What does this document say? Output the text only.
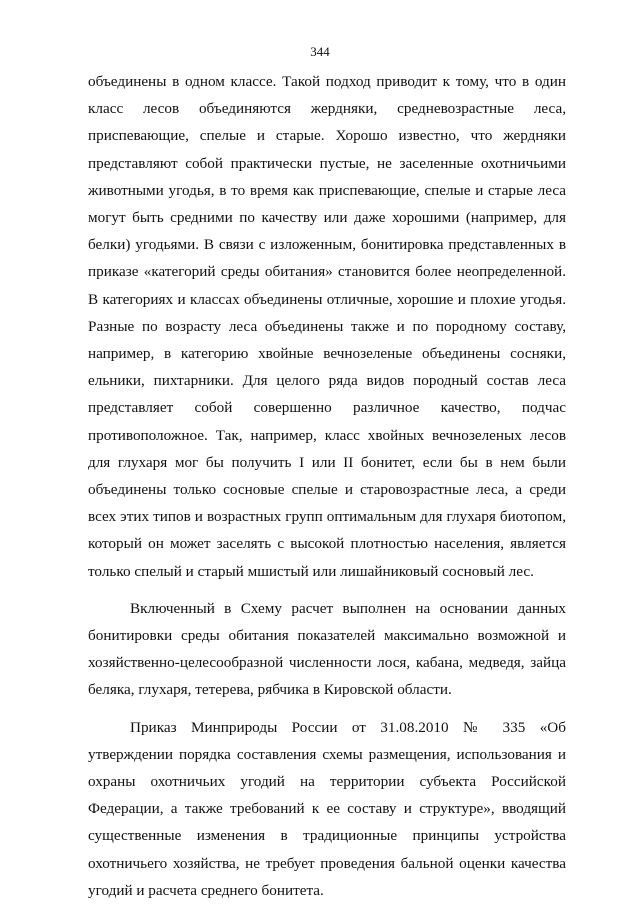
344

объединены в одном классе. Такой подход приводит к тому, что в один класс лесов объединяются жердняки, средневозрастные леса, приспевающие, спелые и старые. Хорошо известно, что жердняки представляют собой практически пустые, не заселенные охотничьими животными угодья, в то время как приспевающие, спелые и старые леса могут быть средними по качеству или даже хорошими (например, для белки) угодьями. В связи с изложенным, бонитировка представленных в приказе «категорий среды обитания» становится более неопределенной. В категориях и классах объединены отличные, хорошие и плохие угодья. Разные по возрасту леса объединены также и по породному составу, например, в категорию хвойные вечнозеленые объединены сосняки, ельники, пихтарники. Для целого ряда видов породный состав леса представляет собой совершенно различное качество, подчас противоположное. Так, например, класс хвойных вечнозеленых лесов для глухаря мог бы получить I или II бонитет, если бы в нем были объединены только сосновые спелые и старовозрастные леса, а среди всех этих типов и возрастных групп оптимальным для глухаря биотопом, который он может заселять с высокой плотностью населения, является только спелый и старый мшистый или лишайниковый сосновый лес.

Включенный в Схему расчет выполнен на основании данных бонитировки среды обитания показателей максимально возможной и хозяйственно-целесообразной численности лося, кабана, медведя, зайца беляка, глухаря, тетерева, рябчика в Кировской области.

Приказ Минприроды России от 31.08.2010 № 335 «Об утверждении порядка составления схемы размещения, использования и охраны охотничьих угодий на территории субъекта Российской Федерации, а также требований к ее составу и структуре», вводящий существенные изменения в традиционные принципы устройства охотничьего хозяйства, не требует проведения бальной оценки качества угодий и расчета среднего бонитета.
